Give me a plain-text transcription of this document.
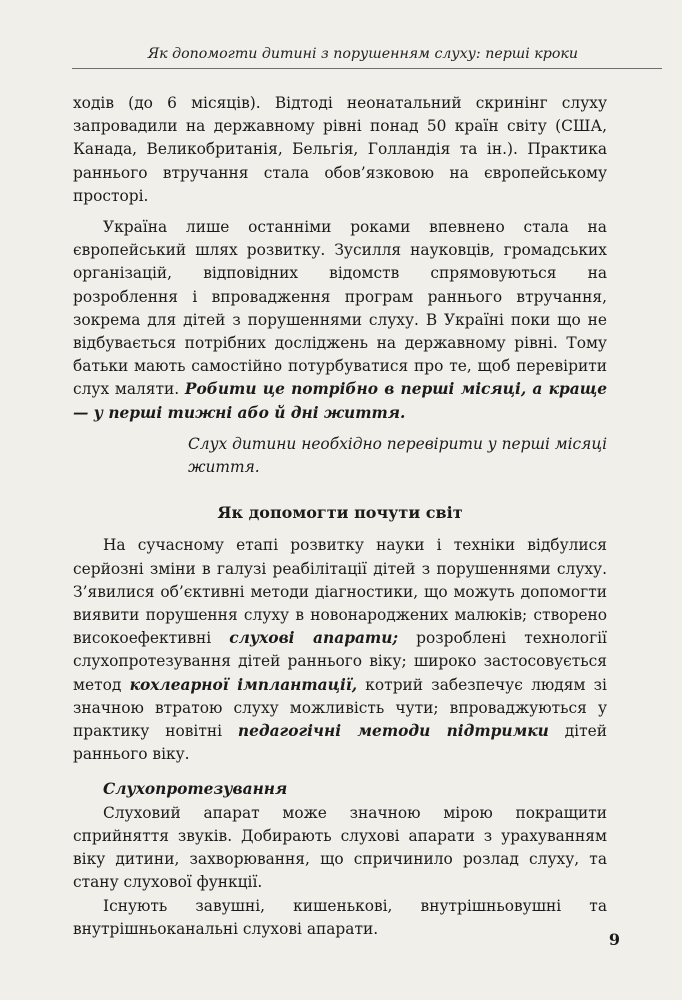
Як допомогти дитині з порушенням слуху: перші кроки

ходів (до 6 місяців). Відтоді неонатальний скринінг слуху запровадили на державному рівні понад 50 країн світу (США, Канада, Великобританія, Бельгія, Голландія та ін.). Практика раннього втручання стала обов’язковою на європейському просторі.

Україна лише останніми роками впевнено стала на європейський шлях розвитку. Зусилля науковців, громадських організацій, відповідних відомств спрямовуються на розроблення і впровадження програм раннього втручання, зокрема для дітей з порушеннями слуху. В Україні поки що не відбувається потрібних досліджень на державному рівні. Тому батьки мають самостійно потурбуватися про те, щоб перевірити слух маляти. Робити це потрібно в перші місяці, а краще — у перші тижні або й дні життя.

Слух дитини необхідно перевірити у перші місяці життя.

Як допомогти почути світ

На сучасному етапі розвитку науки і техніки відбулися серйозні зміни в галузі реабілітації дітей з порушеннями слуху. З’явилися об’єктивні методи діагностики, що можуть допомогти виявити порушення слуху в новонароджених малюків; створено високоефективні слухові апарати; розроблені технології слухопротезування дітей раннього віку; широко застосовується метод кохлеарної імплантації, котрий забезпечує людям зі значною втратою слуху можливість чути; впроваджуються у практику новітні педагогічні методи підтримки дітей раннього віку.

Слухопротезування

Слуховий апарат може значною мірою покращити сприйняття звуків. Добирають слухові апарати з урахуванням віку дитини, захворювання, що спричинило розлад слуху, та стану слухової функції.

Існують завушні, кишенькові, внутрішньовушні та внутрішньоканальні слухові апарати.

9
